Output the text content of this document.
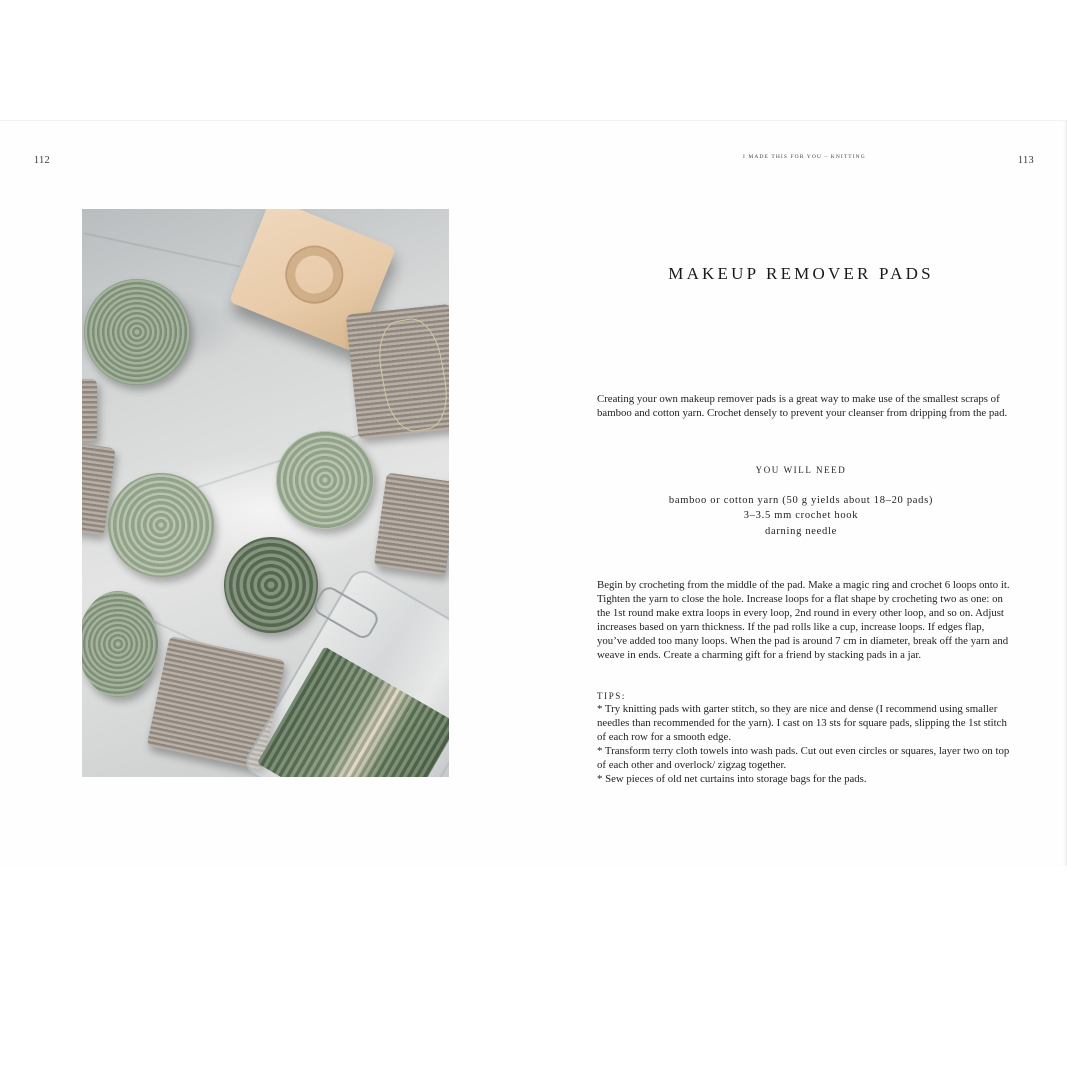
112	I MADE THIS FOR YOU – KNITTING	113
MAKEUP REMOVER PADS

Creating your own makeup remover pads is a great way to make use of the smallest scraps of bamboo and cotton yarn. Crochet densely to prevent your cleanser from dripping from the pad.

YOU WILL NEED
bamboo or cotton yarn (50 g yields about 18–20 pads)
3–3.5 mm crochet hook
darning needle

Begin by crocheting from the middle of the pad. Make a magic ring and crochet 6 loops onto it. Tighten the yarn to close the hole. Increase loops for a flat shape by crocheting two as one: on the 1st round make extra loops in every loop, 2nd round in every other loop, and so on. Adjust increases based on yarn thickness. If the pad rolls like a cup, increase loops. If edges flap, you’ve added too many loops. When the pad is around 7 cm in diameter, break off the yarn and weave in ends. Create a charming gift for a friend by stacking pads in a jar.

TIPS:
* Try knitting pads with garter stitch, so they are nice and dense (I recommend using smaller needles than recommended for the yarn). I cast on 13 sts for square pads, slipping the 1st stitch of each row for a smooth edge.
* Transform terry cloth towels into wash pads. Cut out even circles or squares, layer two on top of each other and overlock/ zigzag together.
* Sew pieces of old net curtains into storage bags for the pads.
